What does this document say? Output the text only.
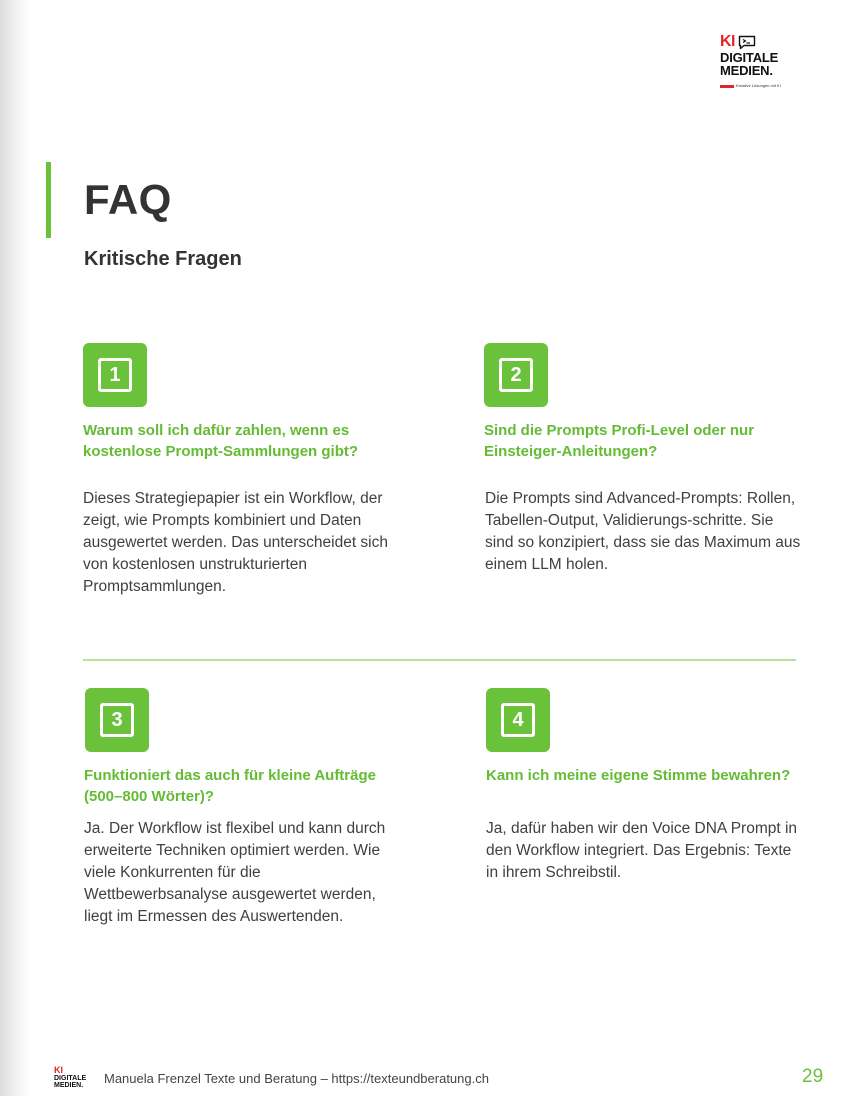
KI
DIGITALE
MEDIEN.
Kreative Lösungen mit KI
FAQ
Kritische Fragen
1

Warum soll ich dafür zahlen, wenn es kostenlose Prompt-Sammlungen gibt?

Dieses Strategiepapier ist ein Workflow, der zeigt, wie Prompts kombiniert und Daten ausgewertet werden. Das unterscheidet sich von kostenlosen unstrukturierten Promptsammlungen.

2

Sind die Prompts Profi-Level oder nur Einsteiger-Anleitungen?

Die Prompts sind Advanced-Prompts: Rollen, Tabellen-Output, Validierungs-schritte. Sie sind so konzipiert, dass sie das Maximum aus einem LLM holen.

3

Funktioniert das auch für kleine Aufträge (500–800 Wörter)?

Ja. Der Workflow ist flexibel und kann durch erweiterte Techniken optimiert werden. Wie viele Konkurrenten für die Wettbewerbsanalyse ausgewertet werden, liegt im Ermessen des Auswertenden.

4

Kann ich meine eigene Stimme bewahren?

Ja, dafür haben wir den Voice DNA Prompt in den Workflow integriert. Das Ergebnis: Texte in ihrem Schreibstil.

KI
DIGITALE
MEDIEN.	Manuela Frenzel Texte und Beratung – https://texteundberatung.ch	29
